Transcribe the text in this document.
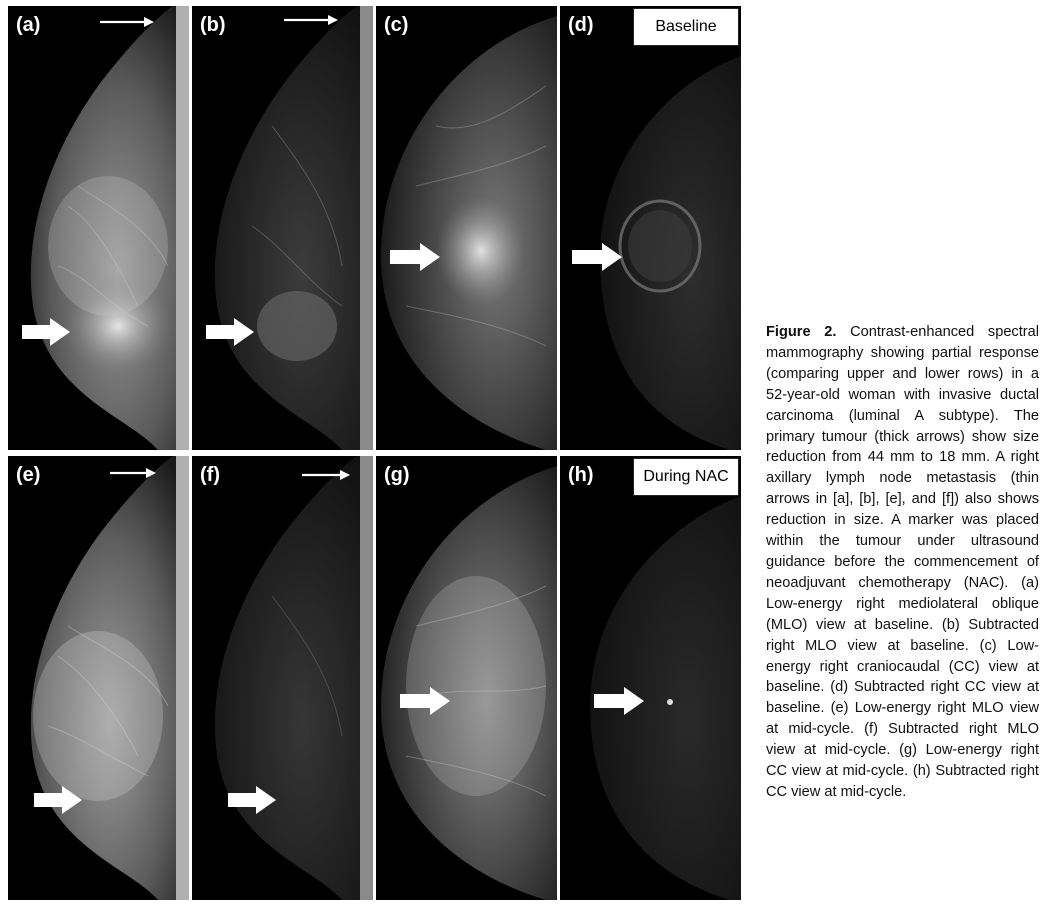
(a)	(b)	(c)	(d)	Baseline
(e)	(f)	(g)	(h)	During NAC
Figure 2. Contrast-enhanced spectral mammography showing partial response (comparing upper and lower rows) in a 52-year-old woman with invasive ductal carcinoma (luminal A subtype). The primary tumour (thick arrows) show size reduction from 44 mm to 18 mm. A right axillary lymph node metastasis (thin arrows in [a], [b], [e], and [f]) also shows reduction in size. A marker was placed within the tumour under ultrasound guidance before the commencement of neoadjuvant chemotherapy (NAC). (a) Low-energy right mediolateral oblique (MLO) view at baseline. (b) Subtracted right MLO view at baseline. (c) Low-energy right craniocaudal (CC) view at baseline. (d) Subtracted right CC view at baseline. (e) Low-energy right MLO view at mid-cycle. (f) Subtracted right MLO view at mid-cycle. (g) Low-energy right CC view at mid-cycle. (h) Subtracted right CC view at mid-cycle.
